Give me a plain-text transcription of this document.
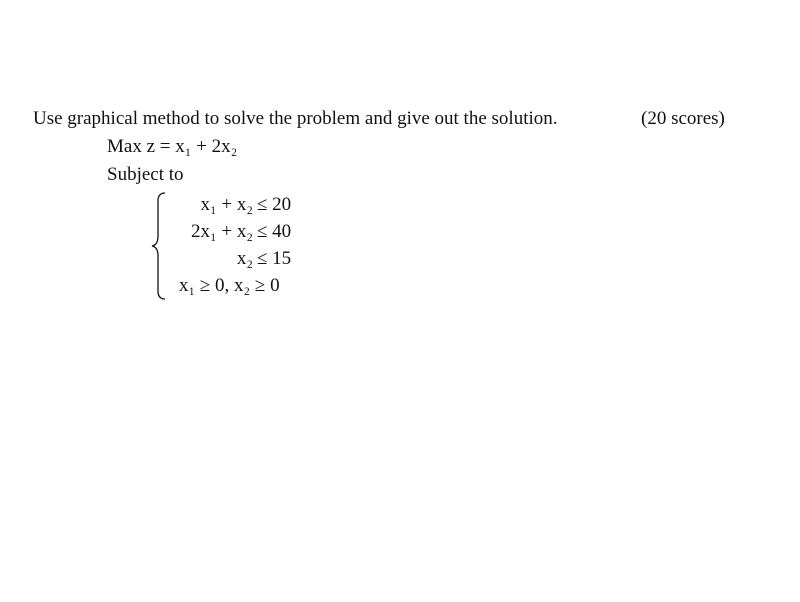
Use graphical method to solve the problem and give out the solution.	(20 scores)
Max z = x₁ + 2x₂
Subject to
x₁ + x₂ ≤ 20
2x₁ + x₂ ≤ 40
x₂ ≤ 15
x₁ ≥ 0, x₂ ≥ 0
